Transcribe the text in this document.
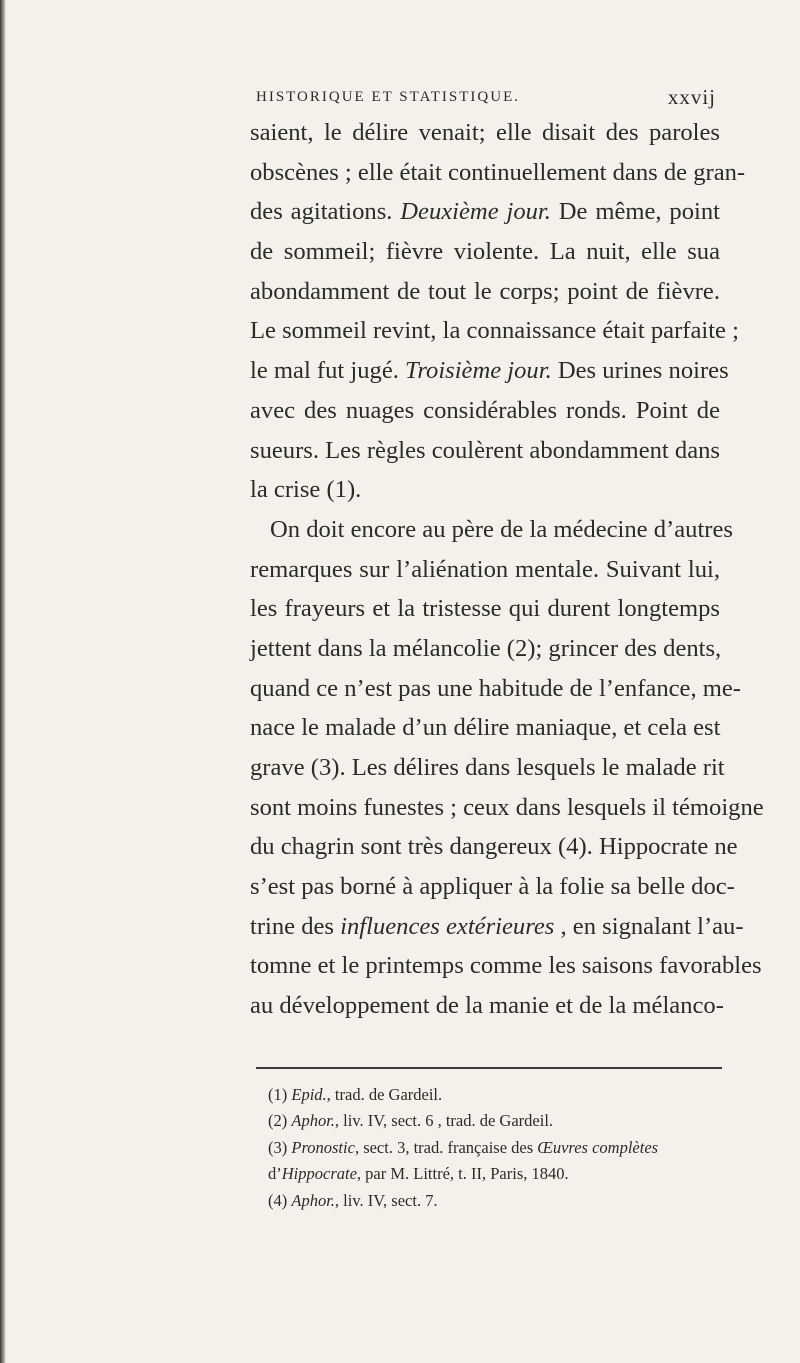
HISTORIQUE ET STATISTIQUE.	xxvij
saient, le délire venait; elle disait des paroles
obscènes ; elle était continuellement dans de gran-
des agitations. Deuxième jour. De même, point
de sommeil; fièvre violente. La nuit, elle sua
abondamment de tout le corps; point de fièvre.
Le sommeil revint, la connaissance était parfaite ;
le mal fut jugé. Troisième jour. Des urines noires
avec des nuages considérables ronds. Point de
sueurs. Les règles coulèrent abondamment dans
la crise (1).
On doit encore au père de la médecine d’autres
remarques sur l’aliénation mentale. Suivant lui,
les frayeurs et la tristesse qui durent longtemps
jettent dans la mélancolie (2); grincer des dents,
quand ce n’est pas une habitude de l’enfance, me-
nace le malade d’un délire maniaque, et cela est
grave (3). Les délires dans lesquels le malade rit
sont moins funestes ; ceux dans lesquels il témoigne
du chagrin sont très dangereux (4). Hippocrate ne
s’est pas borné à appliquer à la folie sa belle doc-
trine des influences extérieures , en signalant l’au-
tomne et le printemps comme les saisons favorables
au développement de la manie et de la mélanco-
(1) Epid., trad. de Gardeil.
(2) Aphor., liv. IV, sect. 6 , trad. de Gardeil.
(3) Pronostic, sect. 3, trad. française des Œuvres complètes
d’Hippocrate, par M. Littré, t. II, Paris, 1840.
(4) Aphor., liv. IV, sect. 7.
